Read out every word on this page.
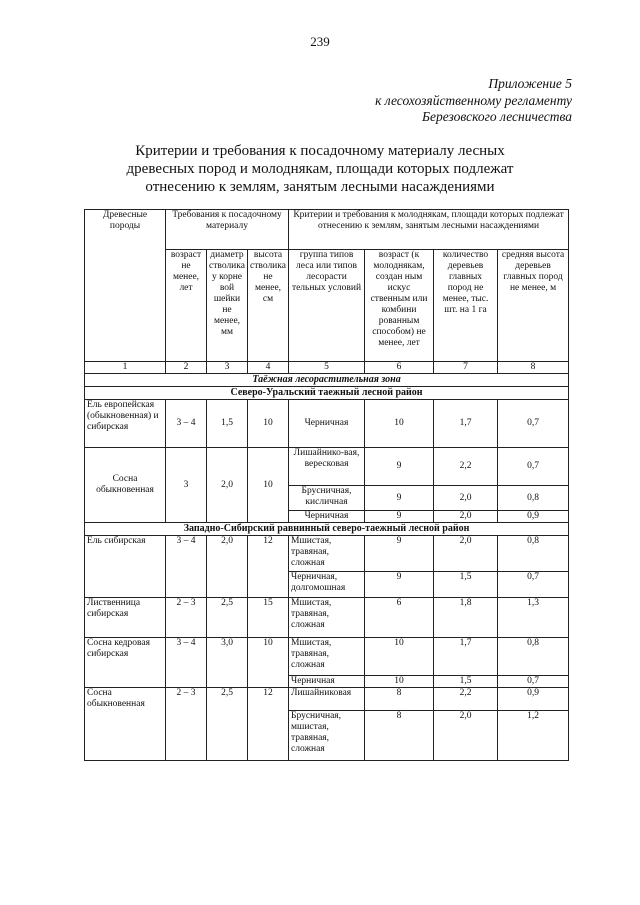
239
Приложение 5
к лесохозяйственному регламенту
Березовского лесничества
Критерии и требования к посадочному материалу лесных
древесных пород и молоднякам, площади которых подлежат
отнесению к землям, занятым лесными насаждениями
Древесные породы	Требования к посадочному материалу			Критерии и требования к молоднякам, площади которых подлежат отнесению к землям, занятым лесными насаждениями			
	возраст не менее, лет	диаметр стволика у корне вой шейки не менее, мм	высота стволика не менее, см	группа типов леса или типов лесорасти тельных условий	возраст (к молоднякам, создан ным искус ственным или комбини рованным способом) не менее, лет	количество деревьев главных пород не менее, тыс. шт. на 1 га	средняя высота деревьев главных пород не менее, м
1	2	3	4	5	6	7	8
Таёжная лесорастительная зона							
Северо-Уральский таежный лесной район							
Ель европейская (обыкновенная) и сибирская	3 – 4	1,5	10	Черничная	10	1,7	0,7
Сосна обыкновенная	3	2,0	10	Лишайнико-вая, вересковая	9	2,2	0,7
				Брусничная, кисличная	9	2,0	0,8
				Черничная	9	2,0	0,9
Западно-Сибирский равнинный северо-таежный лесной район							
Ель сибирская	3 – 4	2,0	12	Мшистая, травяная, сложная	9	2,0	0,8
				Черничная, долгомошная	9	1,5	0,7
Лиственница сибирская	2 – 3	2,5	15	Мшистая, травяная, сложная	6	1,8	1,3
Сосна кедровая сибирская	3 – 4	3,0	10	Мшистая, травяная, сложная	10	1,7	0,8
				Черничная	10	1,5	0,7
Сосна обыкновенная	2 – 3	2,5	12	Лишайниковая	8	2,2	0,9
				Брусничная, мшистая, травяная, сложная	8	2,0	1,2
